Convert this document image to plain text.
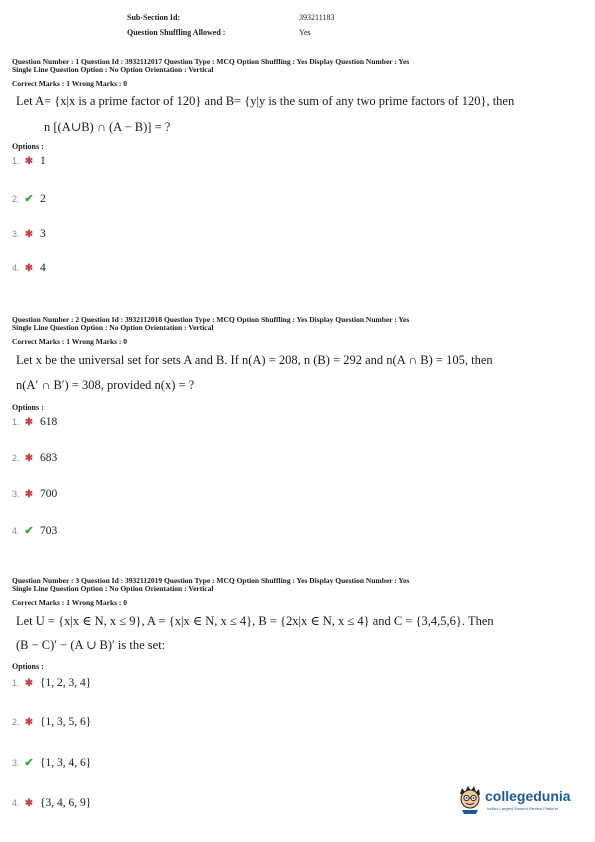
Sub-Section Id:	393211183
Question Shuffling Allowed :	Yes
Question Number : 1 Question Id : 3932112017 Question Type : MCQ Option Shuffling : Yes Display Question Number : Yes
Single Line Question Option : No Option Orientation : Vertical
Correct Marks : 1 Wrong Marks : 0
Let A= {x|x is a prime factor of 120} and B= {y|y is the sum of any two prime factors of 120}, then
n [(A∪B) ∩ (A − B)] = ?
Options :
1. ✱ 1
2. ✔ 2
3. ✱ 3
4. ✱ 4
Question Number : 2 Question Id : 3932112018 Question Type : MCQ Option Shuffling : Yes Display Question Number : Yes
Single Line Question Option : No Option Orientation : Vertical
Correct Marks : 1 Wrong Marks : 0
Let x be the universal set for sets A and B. If n(A) = 208, n (B) = 292 and n(A ∩ B) = 105, then
n(A′ ∩ B′) = 308, provided n(x) = ?
Options :
1. ✱ 618
2. ✱ 683
3. ✱ 700
4. ✔ 703
Question Number : 3 Question Id : 3932112019 Question Type : MCQ Option Shuffling : Yes Display Question Number : Yes
Single Line Question Option : No Option Orientation : Vertical
Correct Marks : 1 Wrong Marks : 0
Let U = {x|x ∈ N, x ≤ 9}, A = {x|x ∈ N, x ≤ 4}, B = {2x|x ∈ N, x ≤ 4} and C = {3,4,5,6}. Then
(B − C)′ − (A ∪ B)′ is the set:
Options :
1. ✱ {1, 2, 3, 4}
2. ✱ {1, 3, 5, 6}
3. ✔ {1, 3, 4, 6}
4. ✱ {3, 4, 6, 9}	collegedunia
India's Largest Student Review Platform
